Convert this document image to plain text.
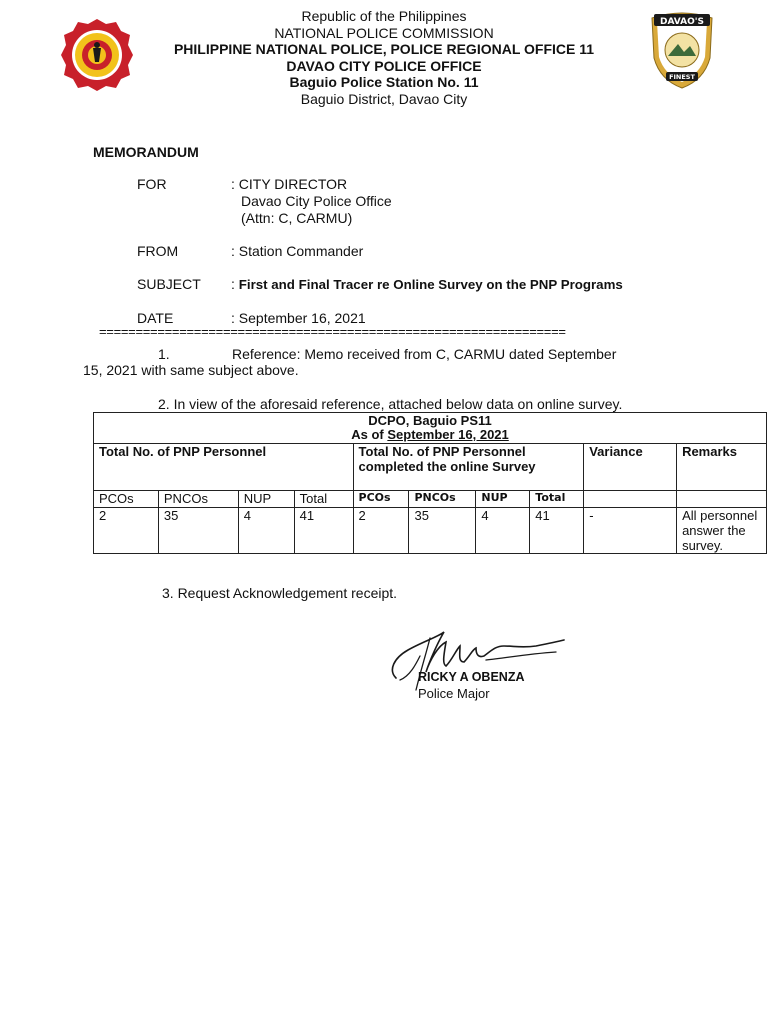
DAVAO'S
FINEST
Republic of the Philippines
NATIONAL POLICE COMMISSION
PHILIPPINE NATIONAL POLICE, POLICE REGIONAL OFFICE 11
DAVAO CITY POLICE OFFICE
Baguio Police Station No. 11
Baguio District, Davao City
MEMORANDUM
FOR	: CITY DIRECTOR
Davao City Police Office
(Attn: C, CARMU)
FROM	: Station Commander
SUBJECT : First and Final Tracer re Online Survey on the PNP Programs
DATE	: September 16, 2021
================================================================
1.	Reference: Memo received from C, CARMU dated September
15, 2021 with same subject above.
2. In view of the aforesaid reference, attached below data on online survey.
DCPO, Baguio PS11
As of September 16, 2021									

Total No. of PNP Personnel				Total No. of PNP Personnel completed the online Survey				Variance	Remarks
PCOs	PNCOs	NUP	Total	PCOs	PNCOs	NUP	Total		
2	35	4	41	2	35	4	41	-	All personnel answer the survey.
3. Request Acknowledgement receipt.
RICKY A OBENZA
Police Major
